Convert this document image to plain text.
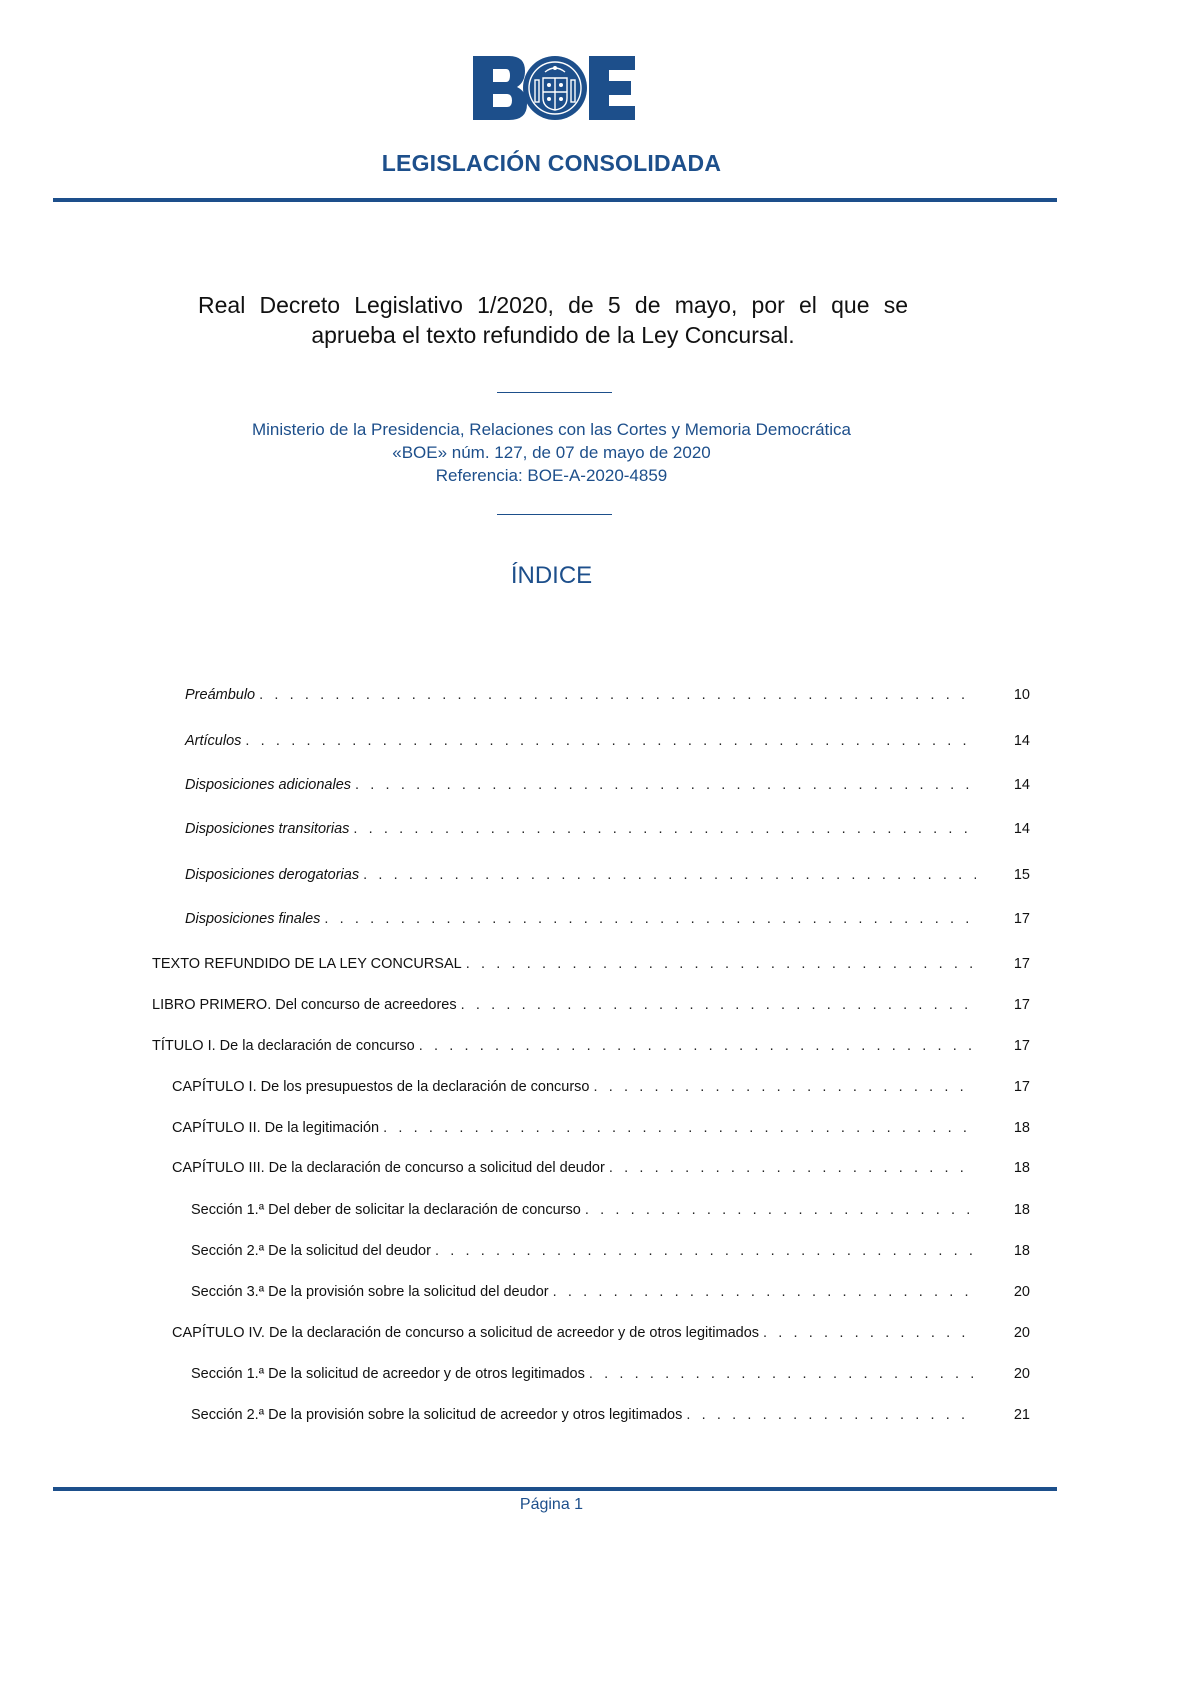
LEGISLACIÓN CONSOLIDADA
Real Decreto Legislativo 1/2020, de 5 de mayo, por el que se
aprueba el texto refundido de la Ley Concursal.
Ministerio de la Presidencia, Relaciones con las Cortes y Memoria Democrática
«BOE» núm. 127, de 07 de mayo de 2020
Referencia: BOE-A-2020-4859
ÍNDICE
Preámbulo . . .	10
Artículos . . .	14
Disposiciones adicionales . . .	14
Disposiciones transitorias . . .	14
Disposiciones derogatorias . . .	15
Disposiciones finales . . .	17
TEXTO REFUNDIDO DE LA LEY CONCURSAL . . .	17
LIBRO PRIMERO. Del concurso de acreedores . . .	17
TÍTULO I. De la declaración de concurso . . .	17
CAPÍTULO I. De los presupuestos de la declaración de concurso . . .	17
CAPÍTULO II. De la legitimación . . .	18
CAPÍTULO III. De la declaración de concurso a solicitud del deudor . . .	18
Sección 1.ª Del deber de solicitar la declaración de concurso . . .	18
Sección 2.ª De la solicitud del deudor . . .	18
Sección 3.ª De la provisión sobre la solicitud del deudor . . .	20
CAPÍTULO IV. De la declaración de concurso a solicitud de acreedor y de otros legitimados . . .	20
Sección 1.ª De la solicitud de acreedor y de otros legitimados . . .	20
Sección 2.ª De la provisión sobre la solicitud de acreedor y otros legitimados . . .	21
Página 1
